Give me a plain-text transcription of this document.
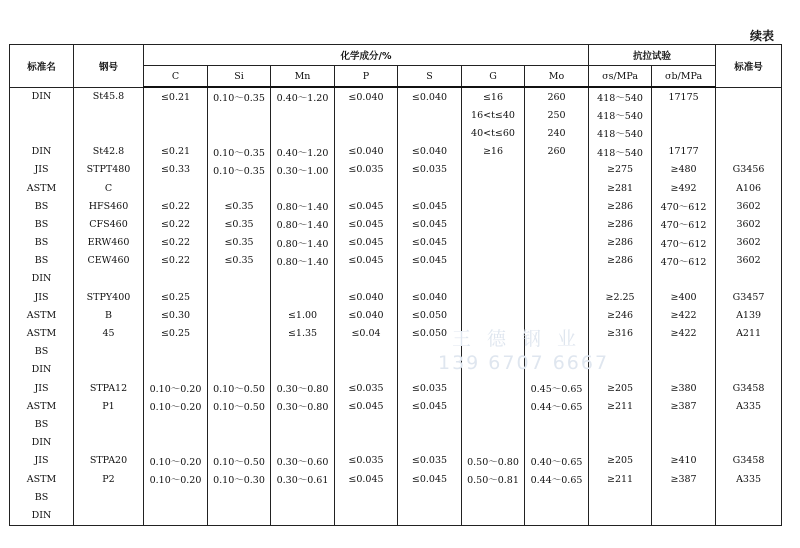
续表
标准名	钢号	化学成分/%							抗拉试验		标准号
		C	Si	Mn	P	S	G	Mo	σs/MPa	σb/MPa	
DIN	St45.8	≤0.21	0.10～0.35	0.40～1.20	≤0.040	≤0.040	≤16	260	418～540	17175	
							16<t≤40	250	418～540		
							40<t≤60	240	418～540		
DIN	St42.8	≤0.21	0.10～0.35	0.40～1.20	≤0.040	≤0.040	≥16	260	418～540	17177	
JIS	STPT480	≤0.33	0.10～0.35	0.30～1.00	≤0.035	≤0.035			≥275	≥480	G3456
ASTM	C								≥281	≥492	A106
BS	HFS460	≤0.22	≤0.35	0.80～1.40	≤0.045	≤0.045			≥286	470～612	3602
BS	CFS460	≤0.22	≤0.35	0.80～1.40	≤0.045	≤0.045			≥286	470～612	3602
BS	ERW460	≤0.22	≤0.35	0.80～1.40	≤0.045	≤0.045			≥286	470～612	3602
BS	CEW460	≤0.22	≤0.35	0.80～1.40	≤0.045	≤0.045			≥286	470～612	3602
DIN											
JIS	STPY400	≤0.25			≤0.040	≤0.040			≥2.25	≥400	G3457
ASTM	B	≤0.30		≤1.00	≤0.040	≤0.050			≥246	≥422	A139
ASTM	45	≤0.25		≤1.35	≤0.04	≤0.050			≥316	≥422	A211
BS											
DIN											
JIS	STPA12	0.10～0.20	0.10～0.50	0.30～0.80	≤0.035	≤0.035		0.45～0.65	≥205	≥380	G3458
ASTM	P1	0.10～0.20	0.10～0.50	0.30～0.80	≤0.045	≤0.045		0.44～0.65	≥211	≥387	A335
BS											
DIN											
JIS	STPA20	0.10～0.20	0.10～0.50	0.30～0.60	≤0.035	≤0.035	0.50～0.80	0.40～0.65	≥205	≥410	G3458
ASTM	P2	0.10～0.20	0.10～0.30	0.30～0.61	≤0.045	≤0.045	0.50～0.81	0.44～0.65	≥211	≥387	A335
BS											
DIN											
王德钢业
139 6707 6667
